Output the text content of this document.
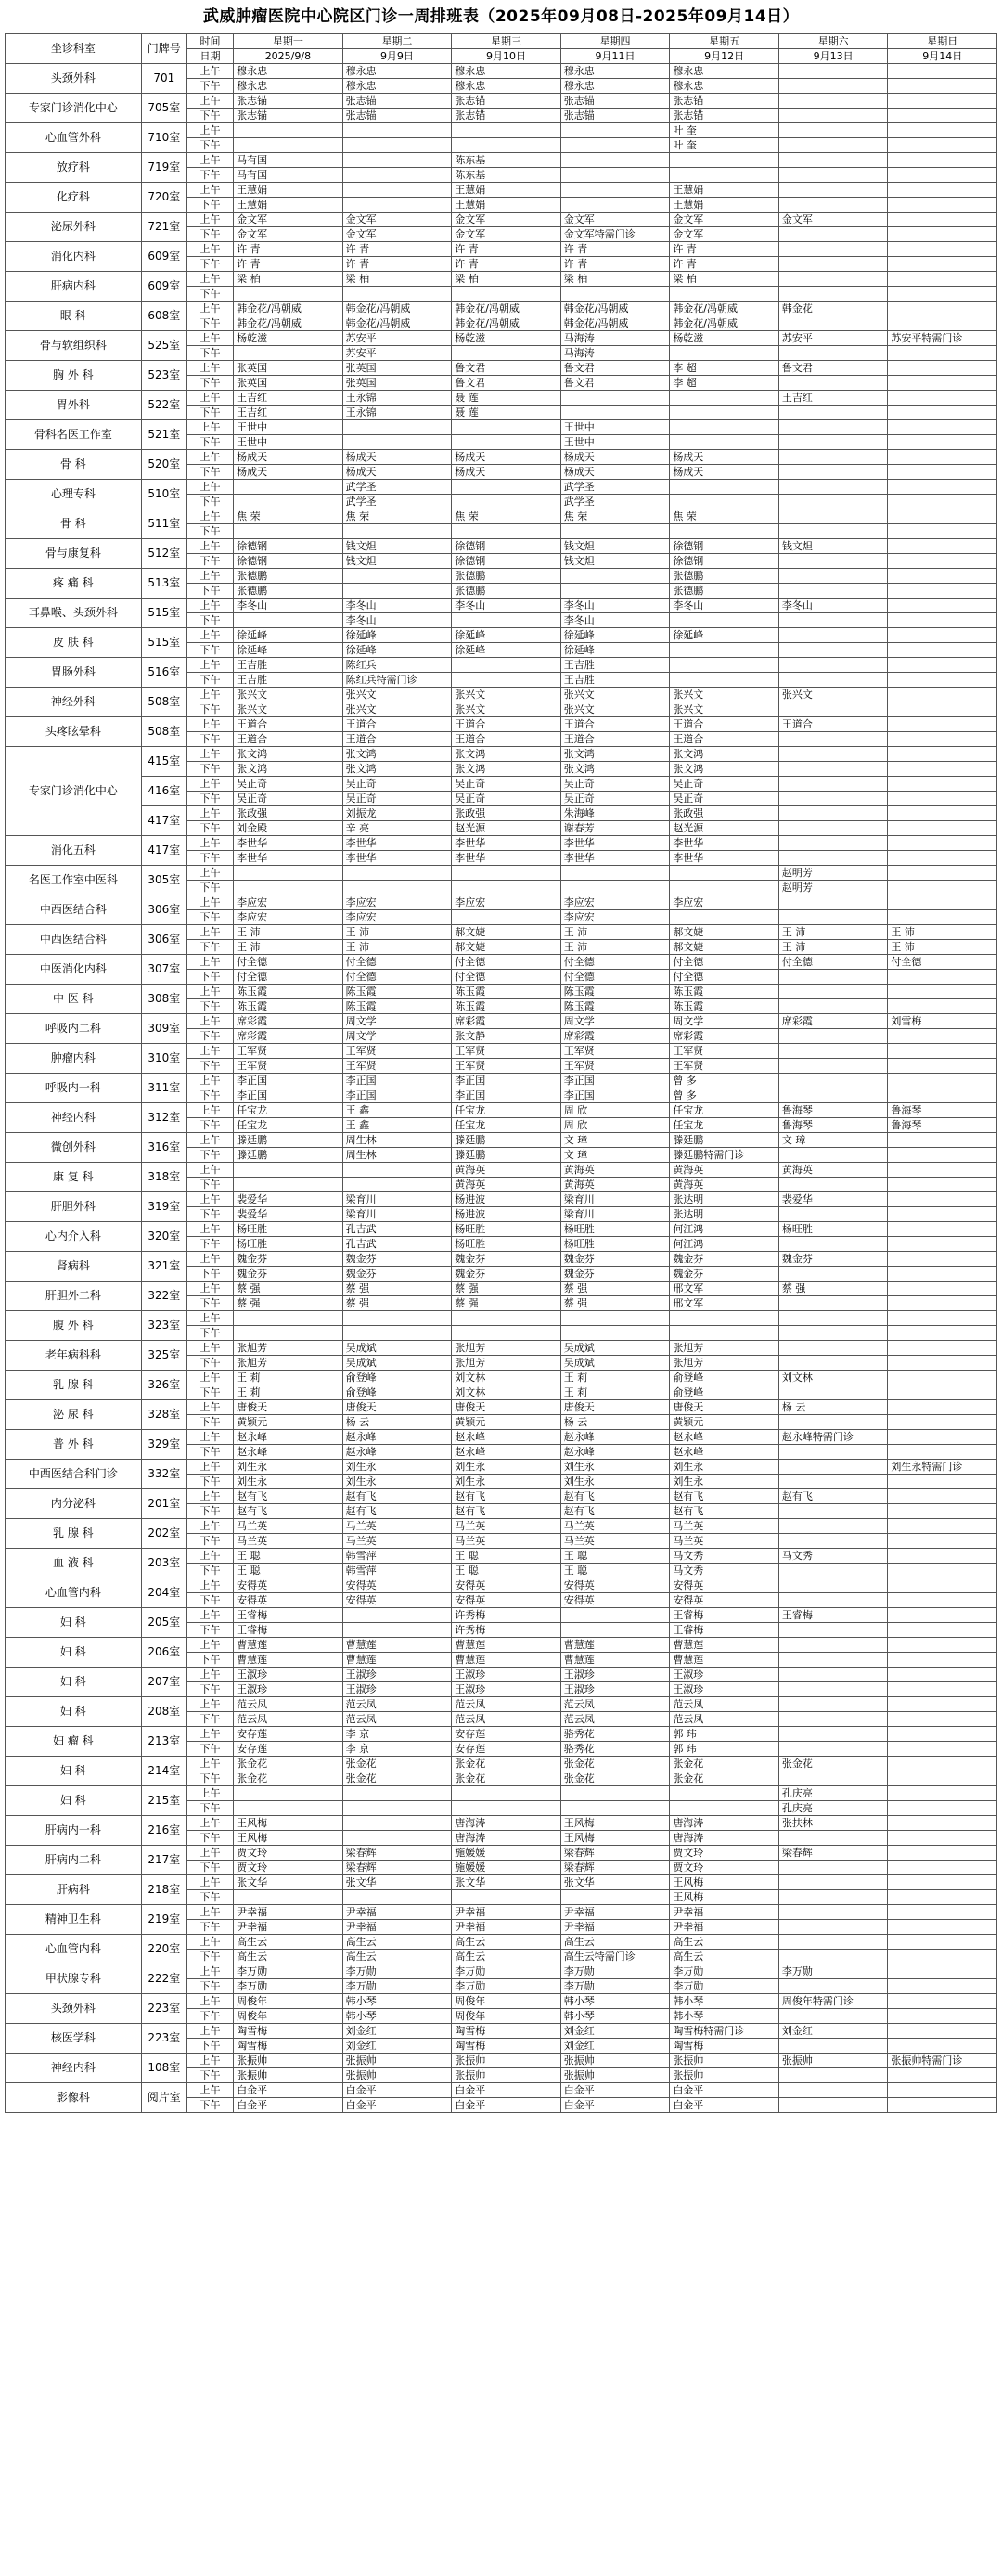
武威肿瘤医院中心院区门诊一周排班表（2025年09月08日-2025年09月14日）
坐诊科室	门牌号	时间	星期一	星期二	星期三	星期四	星期五	星期六	星期日
		日期	2025/9/8	9月9日	9月10日	9月11日	9月12日	9月13日	9月14日
头颈外科	701	上午	穆永忠	穆永忠	穆永忠	穆永忠	穆永忠		
		下午	穆永忠	穆永忠	穆永忠	穆永忠	穆永忠		
专家门诊消化中心	705室	上午	张志锚	张志锚	张志锚	张志锚	张志锚		
		下午	张志锚	张志锚	张志锚	张志锚	张志锚		
心血管外科	710室	上午					叶 奎		
		下午					叶 奎		
放疗科	719室	上午	马有国		陈东基				
		下午	马有国		陈东基				
化疗科	720室	上午	王慧娟		王慧娟		王慧娟		
		下午	王慧娟		王慧娟		王慧娟		
泌尿外科	721室	上午	金文军	金文军	金文军	金文军	金文军	金文军	
		下午	金文军	金文军	金文军	金文军特需门诊	金文军		
消化内科	609室	上午	许 青	许 青	许 青	许 青	许 青		
		下午	许 青	许 青	许 青	许 青	许 青		
肝病内科	609室	上午	梁 柏	梁 柏	梁 柏	梁 柏	梁 柏		
		下午							
眼 科	608室	上午	韩金花/冯朝威	韩金花/冯朝威	韩金花/冯朝威	韩金花/冯朝威	韩金花/冯朝威	韩金花	
		下午	韩金花/冯朝威	韩金花/冯朝威	韩金花/冯朝威	韩金花/冯朝威	韩金花/冯朝威		
骨与软组织科	525室	上午	杨乾滋	苏安平	杨乾滋	马海涛	杨乾滋	苏安平	苏安平特需门诊
		下午		苏安平		马海涛			
胸 外 科	523室	上午	张英国	张英国	鲁文君	鲁文君	李 超	鲁文君	
		下午	张英国	张英国	鲁文君	鲁文君	李 超		
胃外科	522室	上午	王吉红	王永锦	聂 莲			王吉红	
		下午	王吉红	王永锦	聂 莲				
骨科名医工作室	521室	上午	王世中			王世中			
		下午	王世中			王世中			
骨 科	520室	上午	杨成天	杨成天	杨成天	杨成天	杨成天		
		下午	杨成天	杨成天	杨成天	杨成天	杨成天		
心理专科	510室	上午		武学圣		武学圣			
		下午		武学圣		武学圣			
骨 科	511室	上午	焦 荣	焦 荣	焦 荣	焦 荣	焦 荣		
		下午							
骨与康复科	512室	上午	徐德钢	钱文炟	徐德钢	钱文炟	徐德钢	钱文炟	
		下午	徐德钢	钱文炟	徐德钢	钱文炟	徐德钢		
疼 痛 科	513室	上午	张德鹏		张德鹏		张德鹏		
		下午	张德鹏		张德鹏		张德鹏		
耳鼻喉、头颈外科	515室	上午	李冬山	李冬山	李冬山	李冬山	李冬山	李冬山	
		下午		李冬山		李冬山			
皮 肤 科	515室	上午	徐延峰	徐延峰	徐延峰	徐延峰	徐延峰		
		下午	徐延峰	徐延峰	徐延峰	徐延峰			
胃肠外科	516室	上午	王吉胜	陈红兵		王吉胜			
		下午	王吉胜	陈红兵特需门诊		王吉胜			
神经外科	508室	上午	张兴文	张兴文	张兴文	张兴文	张兴文	张兴文	
		下午	张兴文	张兴文	张兴文	张兴文	张兴文		
头疼眩晕科	508室	上午	王道合	王道合	王道合	王道合	王道合	王道合	
		下午	王道合	王道合	王道合	王道合	王道合		
专家门诊消化中心	415室	上午	张文鸿	张文鸿	张文鸿	张文鸿	张文鸿		
		下午	张文鸿	张文鸿	张文鸿	张文鸿	张文鸿		
	416室	上午	吴正奇	吴正奇	吴正奇	吴正奇	吴正奇		
		下午	吴正奇	吴正奇	吴正奇	吴正奇	吴正奇		
	417室	上午	张政强	刘振龙	张政强	朱海峰	张政强		
		下午	刘金殿	辛 亮	赵光源	谢春芳	赵光源		
消化五科	417室	上午	李世华	李世华	李世华	李世华	李世华		
		下午	李世华	李世华	李世华	李世华	李世华		
名医工作室中医科	305室	上午						赵明芳	
		下午						赵明芳	
中西医结合科	306室	上午	李应宏	李应宏	李应宏	李应宏	李应宏		
		下午	李应宏	李应宏		李应宏			
中西医结合科	306室	上午	王 沛	王 沛	郝文婕	王 沛	郝文婕	王 沛	王 沛
		下午	王 沛	王 沛	郝文婕	王 沛	郝文婕	王 沛	王 沛
中医消化内科	307室	上午	付全德	付全德	付全德	付全德	付全德	付全德	付全德
		下午	付全德	付全德	付全德	付全德	付全德		
中 医 科	308室	上午	陈玉霞	陈玉霞	陈玉霞	陈玉霞	陈玉霞		
		下午	陈玉霞	陈玉霞	陈玉霞	陈玉霞	陈玉霞		
呼吸内二科	309室	上午	席彩霞	周文学	席彩霞	周文学	周文学	席彩霞	刘雪梅
		下午	席彩霞	周文学	张文静	席彩霞	席彩霞		
肿瘤内科	310室	上午	王军贤	王军贤	王军贤	王军贤	王军贤		
		下午	王军贤	王军贤	王军贤	王军贤	王军贤		
呼吸内一科	311室	上午	李正国	李正国	李正国	李正国	曾 多		
		下午	李正国	李正国	李正国	李正国	曾 多		
神经内科	312室	上午	任宝龙	王 鑫	任宝龙	周 欣	任宝龙	鲁海琴	鲁海琴
		下午	任宝龙	王 鑫	任宝龙	周 欣	任宝龙	鲁海琴	鲁海琴
微创外科	316室	上午	滕廷鹏	周生林	滕廷鹏	文 璋	滕廷鹏	文 璋	
		下午	滕廷鹏	周生林	滕廷鹏	文 璋	滕廷鹏特需门诊		
康 复 科	318室	上午			黄海英	黄海英	黄海英	黄海英	
		下午			黄海英	黄海英	黄海英		
肝胆外科	319室	上午	裴爱华	梁育川	杨进波	梁育川	张达明	裴爱华	
		下午	裴爱华	梁育川	杨进波	梁育川	张达明		
心内介入科	320室	上午	杨旺胜	孔吉武	杨旺胜	杨旺胜	何江鸿	杨旺胜	
		下午	杨旺胜	孔吉武	杨旺胜	杨旺胜	何江鸿		
肾病科	321室	上午	魏金芬	魏金芬	魏金芬	魏金芬	魏金芬	魏金芬	
		下午	魏金芬	魏金芬	魏金芬	魏金芬	魏金芬		
肝胆外二科	322室	上午	蔡 强	蔡 强	蔡 强	蔡 强	邢文军	蔡 强	
		下午	蔡 强	蔡 强	蔡 强	蔡 强	邢文军		
腹 外 科	323室	上午							
		下午							
老年病科科	325室	上午	张旭芳	吴成斌	张旭芳	吴成斌	张旭芳		
		下午	张旭芳	吴成斌	张旭芳	吴成斌	张旭芳		
乳 腺 科	326室	上午	王 莉	俞登峰	刘文林	王 莉	俞登峰	刘文林	
		下午	王 莉	俞登峰	刘文林	王 莉	俞登峰		
泌 尿 科	328室	上午	唐俊天	唐俊天	唐俊天	唐俊天	唐俊天	杨 云	
		下午	黄颖元	杨 云	黄颖元	杨 云	黄颖元		
普 外 科	329室	上午	赵永峰	赵永峰	赵永峰	赵永峰	赵永峰	赵永峰特需门诊	
		下午	赵永峰	赵永峰	赵永峰	赵永峰	赵永峰		
中西医结合科门诊	332室	上午	刘生永	刘生永	刘生永	刘生永	刘生永		刘生永特需门诊
		下午	刘生永	刘生永	刘生永	刘生永	刘生永		
内分泌科	201室	上午	赵有飞	赵有飞	赵有飞	赵有飞	赵有飞	赵有飞	
		下午	赵有飞	赵有飞	赵有飞	赵有飞	赵有飞		
乳 腺 科	202室	上午	马兰英	马兰英	马兰英	马兰英	马兰英		
		下午	马兰英	马兰英	马兰英	马兰英	马兰英		
血 液 科	203室	上午	王 聪	韩雪萍	王 聪	王 聪	马文秀	马文秀	
		下午	王 聪	韩雪萍	王 聪	王 聪	马文秀		
心血管内科	204室	上午	安得英	安得英	安得英	安得英	安得英		
		下午	安得英	安得英	安得英	安得英	安得英		
妇 科	205室	上午	王睿梅		许秀梅		王睿梅	王睿梅	
		下午	王睿梅		许秀梅		王睿梅		
妇 科	206室	上午	曹慧莲	曹慧莲	曹慧莲	曹慧莲	曹慧莲		
		下午	曹慧莲	曹慧莲	曹慧莲	曹慧莲	曹慧莲		
妇 科	207室	上午	王淑珍	王淑珍	王淑珍	王淑珍	王淑珍		
		下午	王淑珍	王淑珍	王淑珍	王淑珍	王淑珍		
妇 科	208室	上午	范云凤	范云凤	范云凤	范云凤	范云凤		
		下午	范云凤	范云凤	范云凤	范云凤	范云凤		
妇 瘤 科	213室	上午	安存莲	李 京	安存莲	骆秀花	郭 玮		
		下午	安存莲	李 京	安存莲	骆秀花	郭 玮		
妇 科	214室	上午	张金花	张金花	张金花	张金花	张金花	张金花	
		下午	张金花	张金花	张金花	张金花	张金花		
妇 科	215室	上午						孔庆亮	
		下午						孔庆亮	
肝病内一科	216室	上午	王风梅		唐海涛	王风梅	唐海涛	张扶林	
		下午	王风梅		唐海涛	王风梅	唐海涛		
肝病内二科	217室	上午	贾文玲	梁春辉	施媛媛	梁春辉	贾文玲	梁春辉	
		下午	贾文玲	梁春辉	施媛媛	梁春辉	贾文玲		
肝病科	218室	上午	张文华	张文华	张文华	张文华	王风梅		
		下午					王风梅		
精神卫生科	219室	上午	尹幸福	尹幸福	尹幸福	尹幸福	尹幸福		
		下午	尹幸福	尹幸福	尹幸福	尹幸福	尹幸福		
心血管内科	220室	上午	高生云	高生云	高生云	高生云	高生云		
		下午	高生云	高生云	高生云	高生云特需门诊	高生云		
甲状腺专科	222室	上午	李万勋	李万勋	李万勋	李万勋	李万勋	李万勋	
		下午	李万勋	李万勋	李万勋	李万勋	李万勋		
头颈外科	223室	上午	周俊年	韩小琴	周俊年	韩小琴	韩小琴	周俊年特需门诊	
		下午	周俊年	韩小琴	周俊年	韩小琴	韩小琴		
核医学科	223室	上午	陶雪梅	刘金红	陶雪梅	刘金红	陶雪梅特需门诊	刘金红	
		下午	陶雪梅	刘金红	陶雪梅	刘金红	陶雪梅		
神经内科	108室	上午	张振帅	张振帅	张振帅	张振帅	张振帅	张振帅	张振帅特需门诊
		下午	张振帅	张振帅	张振帅	张振帅	张振帅		
影像科	阅片室	上午	白金平	白金平	白金平	白金平	白金平		
		下午	白金平	白金平	白金平	白金平	白金平		
